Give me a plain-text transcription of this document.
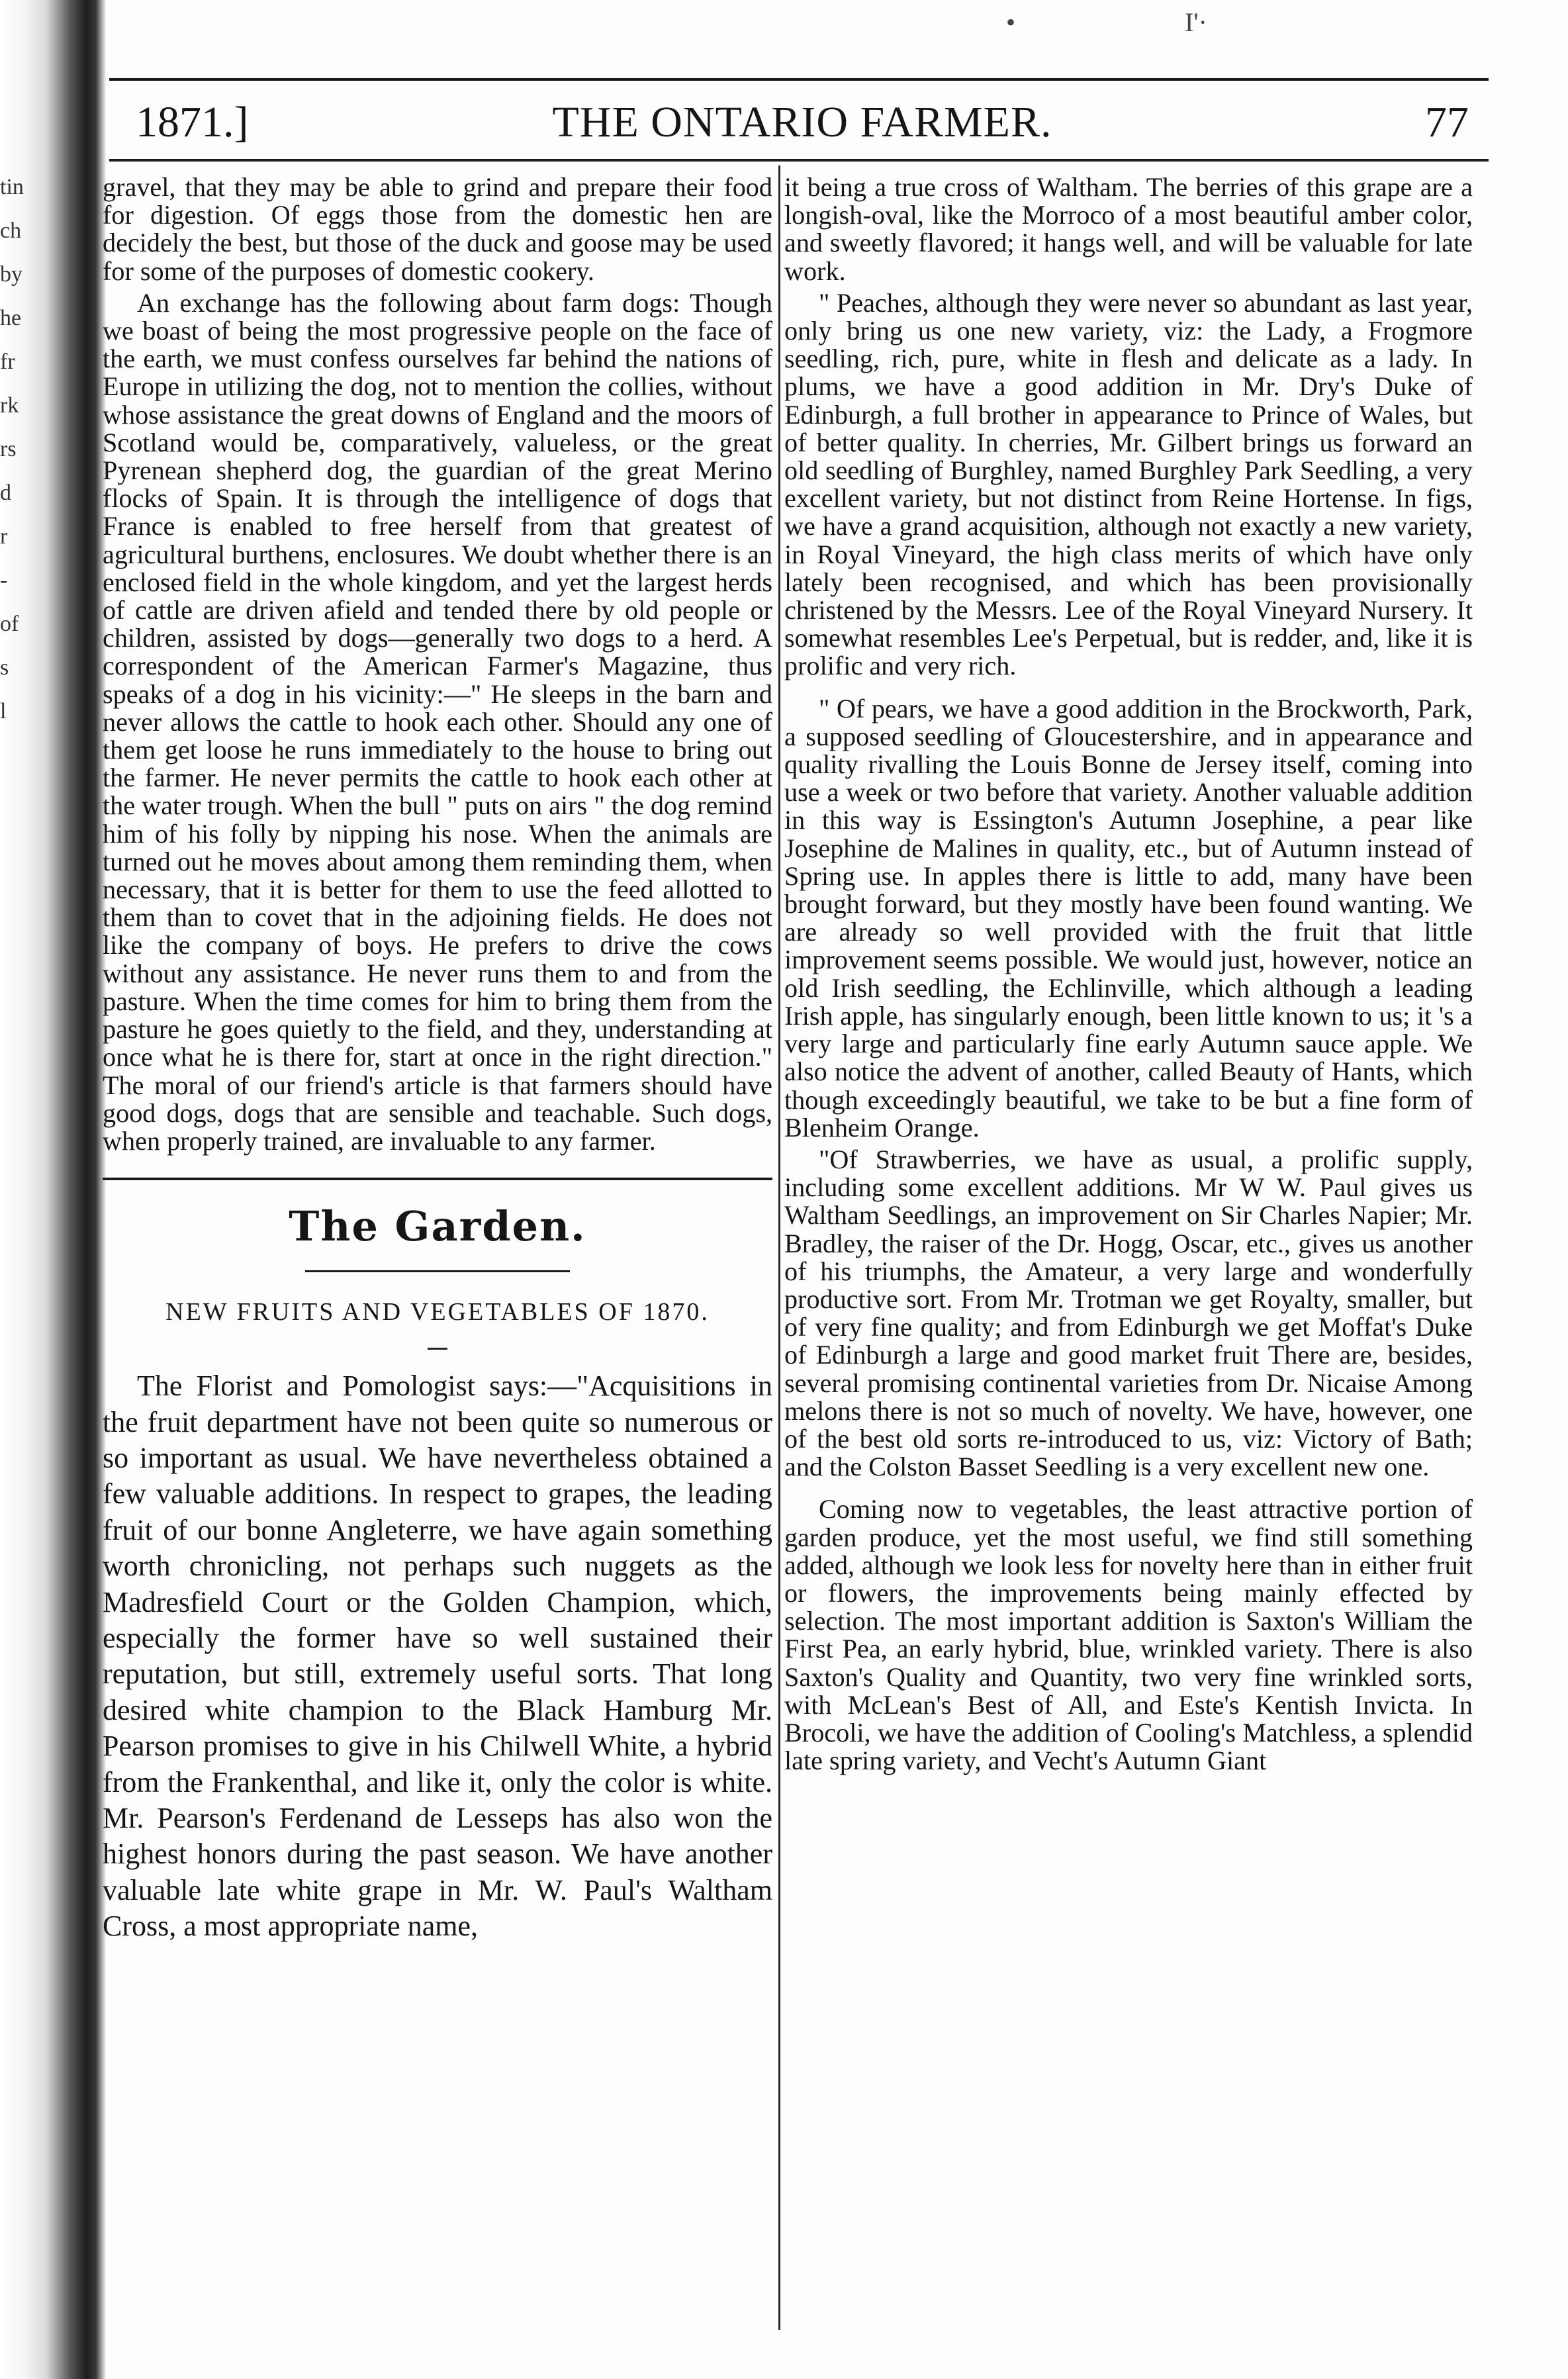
tin
ch
by
he
fr
rk
rs
d
r
-
of
s
l
•	I'·
1871.]	THE ONTARIO FARMER.	77

gravel, that they may be able to grind and prepare their food for digestion. Of eggs those from the domestic hen are decidely the best, but those of the duck and goose may be used for some of the purposes of domestic cookery.

An exchange has the following about farm dogs: Though we boast of being the most progressive people on the face of the earth, we must confess ourselves far behind the nations of Europe in utilizing the dog, not to mention the collies, without whose assistance the great downs of England and the moors of Scotland would be, comparatively, valueless, or the great Pyrenean shepherd dog, the guardian of the great Merino flocks of Spain. It is through the intelligence of dogs that France is enabled to free herself from that greatest of agricultural burthens, enclosures. We doubt whether there is an enclosed field in the whole kingdom, and yet the largest herds of cattle are driven afield and tended there by old people or children, assisted by dogs—generally two dogs to a herd. A correspondent of the American Farmer's Magazine, thus speaks of a dog in his vicinity:—" He sleeps in the barn and never allows the cattle to hook each other. Should any one of them get loose he runs immediately to the house to bring out the farmer. He never permits the cattle to hook each other at the water trough. When the bull " puts on airs " the dog remind him of his folly by nipping his nose. When the animals are turned out he moves about among them reminding them, when necessary, that it is better for them to use the feed allotted to them than to covet that in the adjoining fields. He does not like the company of boys. He prefers to drive the cows without any assistance. He never runs them to and from the pasture. When the time comes for him to bring them from the pasture he goes quietly to the field, and they, understanding at once what he is there for, start at once in the right direction." The moral of our friend's article is that farmers should have good dogs, dogs that are sensible and teachable. Such dogs, when properly trained, are invaluable to any farmer.

The Garden.
NEW FRUITS AND VEGETABLES OF 1870.

The Florist and Pomologist says:—"Acquisitions in the fruit department have not been quite so numerous or so important as usual. We have nevertheless obtained a few valuable additions. In respect to grapes, the leading fruit of our bonne Angleterre, we have again something worth chronicling, not perhaps such nuggets as the Madresfield Court or the Golden Champion, which, especially the former have so well sustained their reputation, but still, extremely useful sorts. That long desired white champion to the Black Hamburg Mr. Pearson promises to give in his Chilwell White, a hybrid from the Frankenthal, and like it, only the color is white. Mr. Pearson's Ferdenand de Lesseps has also won the highest honors during the past season. We have another valuable late white grape in Mr. W. Paul's Waltham Cross, a most appropriate name,

it being a true cross of Waltham. The berries of this grape are a longish-oval, like the Morroco of a most beautiful amber color, and sweetly flavored; it hangs well, and will be valuable for late work.

" Peaches, although they were never so abundant as last year, only bring us one new variety, viz: the Lady, a Frogmore seedling, rich, pure, white in flesh and delicate as a lady. In plums, we have a good addition in Mr. Dry's Duke of Edinburgh, a full brother in appearance to Prince of Wales, but of better quality. In cherries, Mr. Gilbert brings us forward an old seedling of Burghley, named Burghley Park Seedling, a very excellent variety, but not distinct from Reine Hortense. In figs, we have a grand acquisition, although not exactly a new variety, in Royal Vineyard, the high class merits of which have only lately been recognised, and which has been provisionally christened by the Messrs. Lee of the Royal Vineyard Nursery. It somewhat resembles Lee's Perpetual, but is redder, and, like it is prolific and very rich.

" Of pears, we have a good addition in the Brockworth, Park, a supposed seedling of Gloucestershire, and in appearance and quality rivalling the Louis Bonne de Jersey itself, coming into use a week or two before that variety. Another valuable addition in this way is Essington's Autumn Josephine, a pear like Josephine de Malines in quality, etc., but of Autumn instead of Spring use. In apples there is little to add, many have been brought forward, but they mostly have been found wanting. We are already so well provided with the fruit that little improvement seems possible. We would just, however, notice an old Irish seedling, the Echlinville, which although a leading Irish apple, has singularly enough, been little known to us; it 's a very large and particularly fine early Autumn sauce apple. We also notice the advent of another, called Beauty of Hants, which though exceedingly beautiful, we take to be but a fine form of Blenheim Orange.

"Of Strawberries, we have as usual, a prolific supply, including some excellent additions. Mr W W. Paul gives us Waltham Seedlings, an improvement on Sir Charles Napier; Mr. Bradley, the raiser of the Dr. Hogg, Oscar, etc., gives us another of his triumphs, the Amateur, a very large and wonderfully productive sort. From Mr. Trotman we get Royalty, smaller, but of very fine quality; and from Edinburgh we get Moffat's Duke of Edinburgh a large and good market fruit There are, besides, several promising continental varieties from Dr. Nicaise Among melons there is not so much of novelty. We have, however, one of the best old sorts re-introduced to us, viz: Victory of Bath; and the Colston Basset Seedling is a very excellent new one.

Coming now to vegetables, the least attractive portion of garden produce, yet the most useful, we find still something added, although we look less for novelty here than in either fruit or flowers, the improvements being mainly effected by selection. The most important addition is Saxton's William the First Pea, an early hybrid, blue, wrinkled variety. There is also Saxton's Quality and Quantity, two very fine wrinkled sorts, with McLean's Best of All, and Este's Kentish Invicta. In Brocoli, we have the addition of Cooling's Matchless, a splendid late spring variety, and Vecht's Autumn Giant
